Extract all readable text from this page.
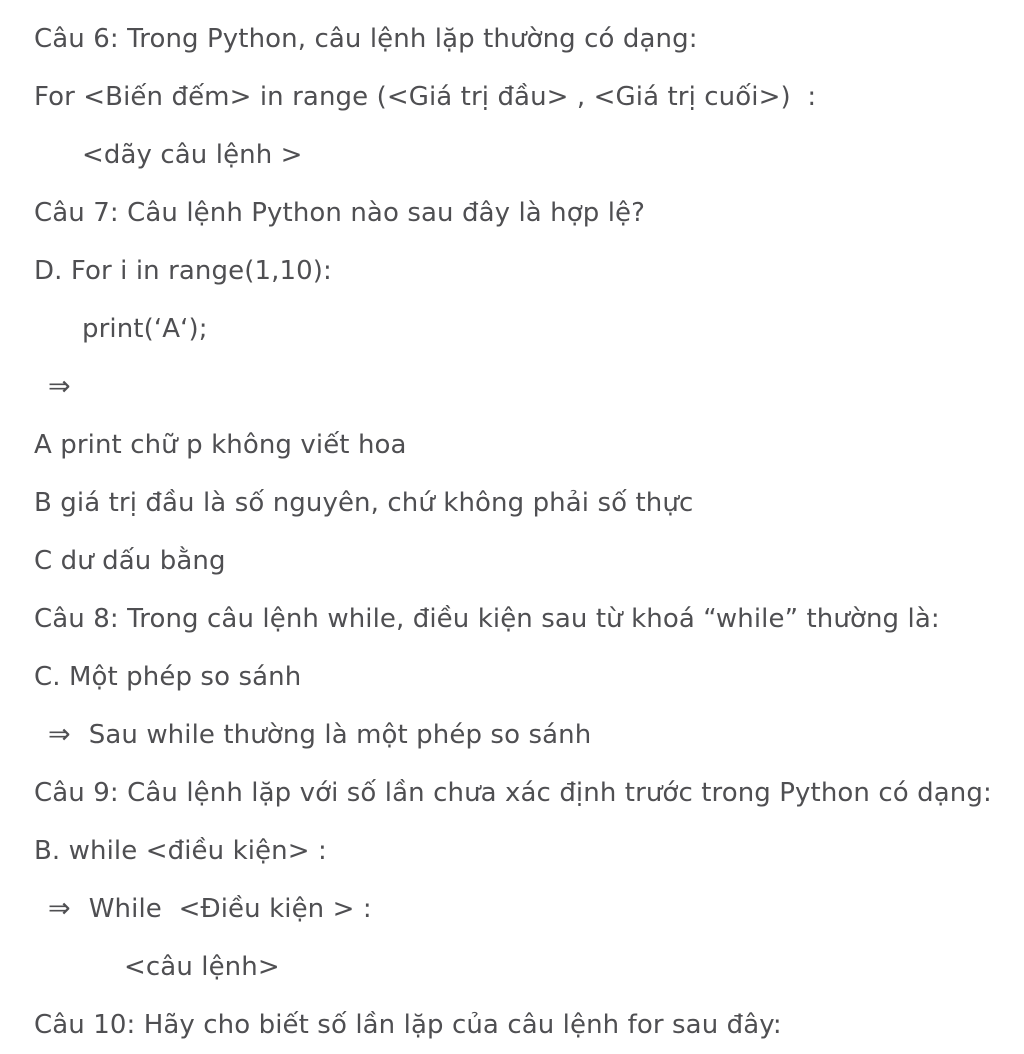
Câu 6: Trong Python, câu lệnh lặp thường có dạng:
For <Biến đếm> in range (<Giá trị đầu> , <Giá trị cuối>)  :
<dãy câu lệnh >
Câu 7: Câu lệnh Python nào sau đây là hợp lệ?
D. For i in range(1,10):
print(‘A‘);
⇒
A print chữ p không viết hoa
B giá trị đầu là số nguyên, chứ không phải số thực
C dư dấu bằng
Câu 8: Trong câu lệnh while, điều kiện sau từ khoá “while” thường là:
C. Một phép so sánh
⇒ Sau while thường là một phép so sánh
Câu 9: Câu lệnh lặp với số lần chưa xác định trước trong Python có dạng:
B. while <điều kiện> :
⇒ While  <Điều kiện > :
<câu lệnh>
Câu 10: Hãy cho biết số lần lặp của câu lệnh for sau đây:
